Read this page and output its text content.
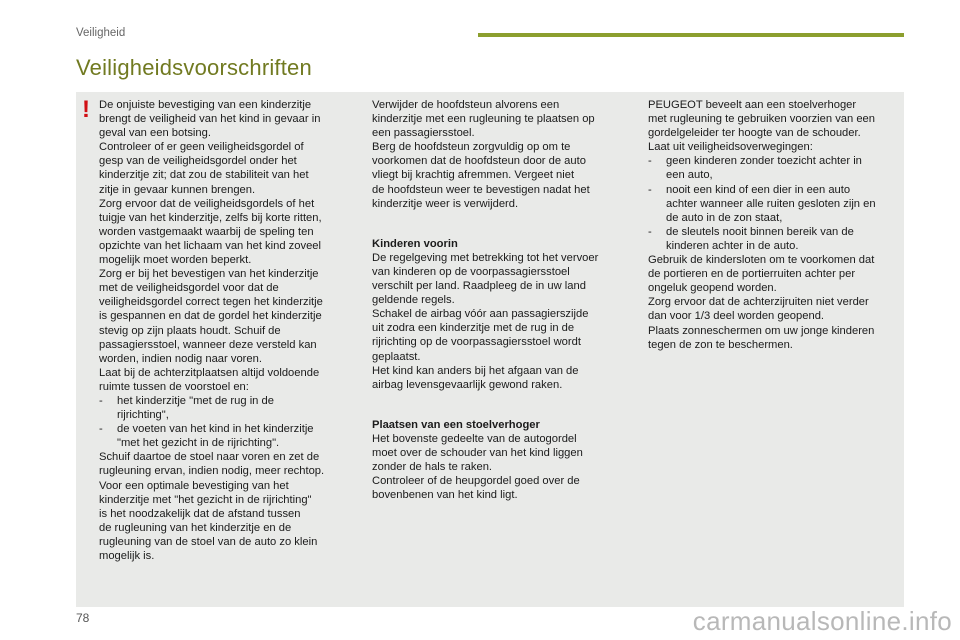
Veiligheid
Veiligheidsvoorschriften
! De onjuiste bevestiging van een kinderzitje
brengt de veiligheid van het kind in gevaar in
geval van een botsing.
Controleer of er geen veiligheidsgordel of
gesp van de veiligheidsgordel onder het
kinderzitje zit; dat zou de stabiliteit van het
zitje in gevaar kunnen brengen.
Zorg ervoor dat de veiligheidsgordels of het
tuigje van het kinderzitje, zelfs bij korte ritten,
worden vastgemaakt waarbij de speling ten
opzichte van het lichaam van het kind zoveel
mogelijk moet worden beperkt.
Zorg er bij het bevestigen van het kinderzitje
met de veiligheidsgordel voor dat de
veiligheidsgordel correct tegen het kinderzitje
is gespannen en dat de gordel het kinderzitje
stevig op zijn plaats houdt. Schuif de
passagiersstoel, wanneer deze versteld kan
worden, indien nodig naar voren.
Laat bij de achterzitplaatsen altijd voldoende
ruimte tussen de voorstoel en:
- het kinderzitje "met de rug in de
rijrichting",
- de voeten van het kind in het kinderzitje
"met het gezicht in de rijrichting".
Schuif daartoe de stoel naar voren en zet de
rugleuning ervan, indien nodig, meer rechtop.
Voor een optimale bevestiging van het
kinderzitje met "het gezicht in de rijrichting"
is het noodzakelijk dat de afstand tussen
de rugleuning van het kinderzitje en de
rugleuning van de stoel van de auto zo klein
mogelijk is.
Verwijder de hoofdsteun alvorens een
kinderzitje met een rugleuning te plaatsen op
een passagiersstoel.
Berg de hoofdsteun zorgvuldig op om te
voorkomen dat de hoofdsteun door de auto
vliegt bij krachtig afremmen. Vergeet niet
de hoofdsteun weer te bevestigen nadat het
kinderzitje weer is verwijderd.
Kinderen voorin
De regelgeving met betrekking tot het vervoer
van kinderen op de voorpassagiersstoel
verschilt per land. Raadpleeg de in uw land
geldende regels.
Schakel de airbag vóór aan passagierszijde
uit zodra een kinderzitje met de rug in de
rijrichting op de voorpassagiersstoel wordt
geplaatst.
Het kind kan anders bij het afgaan van de
airbag levensgevaarlijk gewond raken.
Plaatsen van een stoelverhoger
Het bovenste gedeelte van de autogordel
moet over de schouder van het kind liggen
zonder de hals te raken.
Controleer of de heupgordel goed over de
bovenbenen van het kind ligt.
PEUGEOT beveelt aan een stoelverhoger
met rugleuning te gebruiken voorzien van een
gordelgeleider ter hoogte van de schouder.
Laat uit veiligheidsoverwegingen:
- geen kinderen zonder toezicht achter in
een auto,
- nooit een kind of een dier in een auto
achter wanneer alle ruiten gesloten zijn en
de auto in de zon staat,
- de sleutels nooit binnen bereik van de
kinderen achter in de auto.
Gebruik de kindersloten om te voorkomen dat
de portieren en de portierruiten achter per
ongeluk geopend worden.
Zorg ervoor dat de achterzijruiten niet verder
dan voor 1/3 deel worden geopend.
Plaats zonneschermen om uw jonge kinderen
tegen de zon te beschermen.
78	carmanualsonline.info
